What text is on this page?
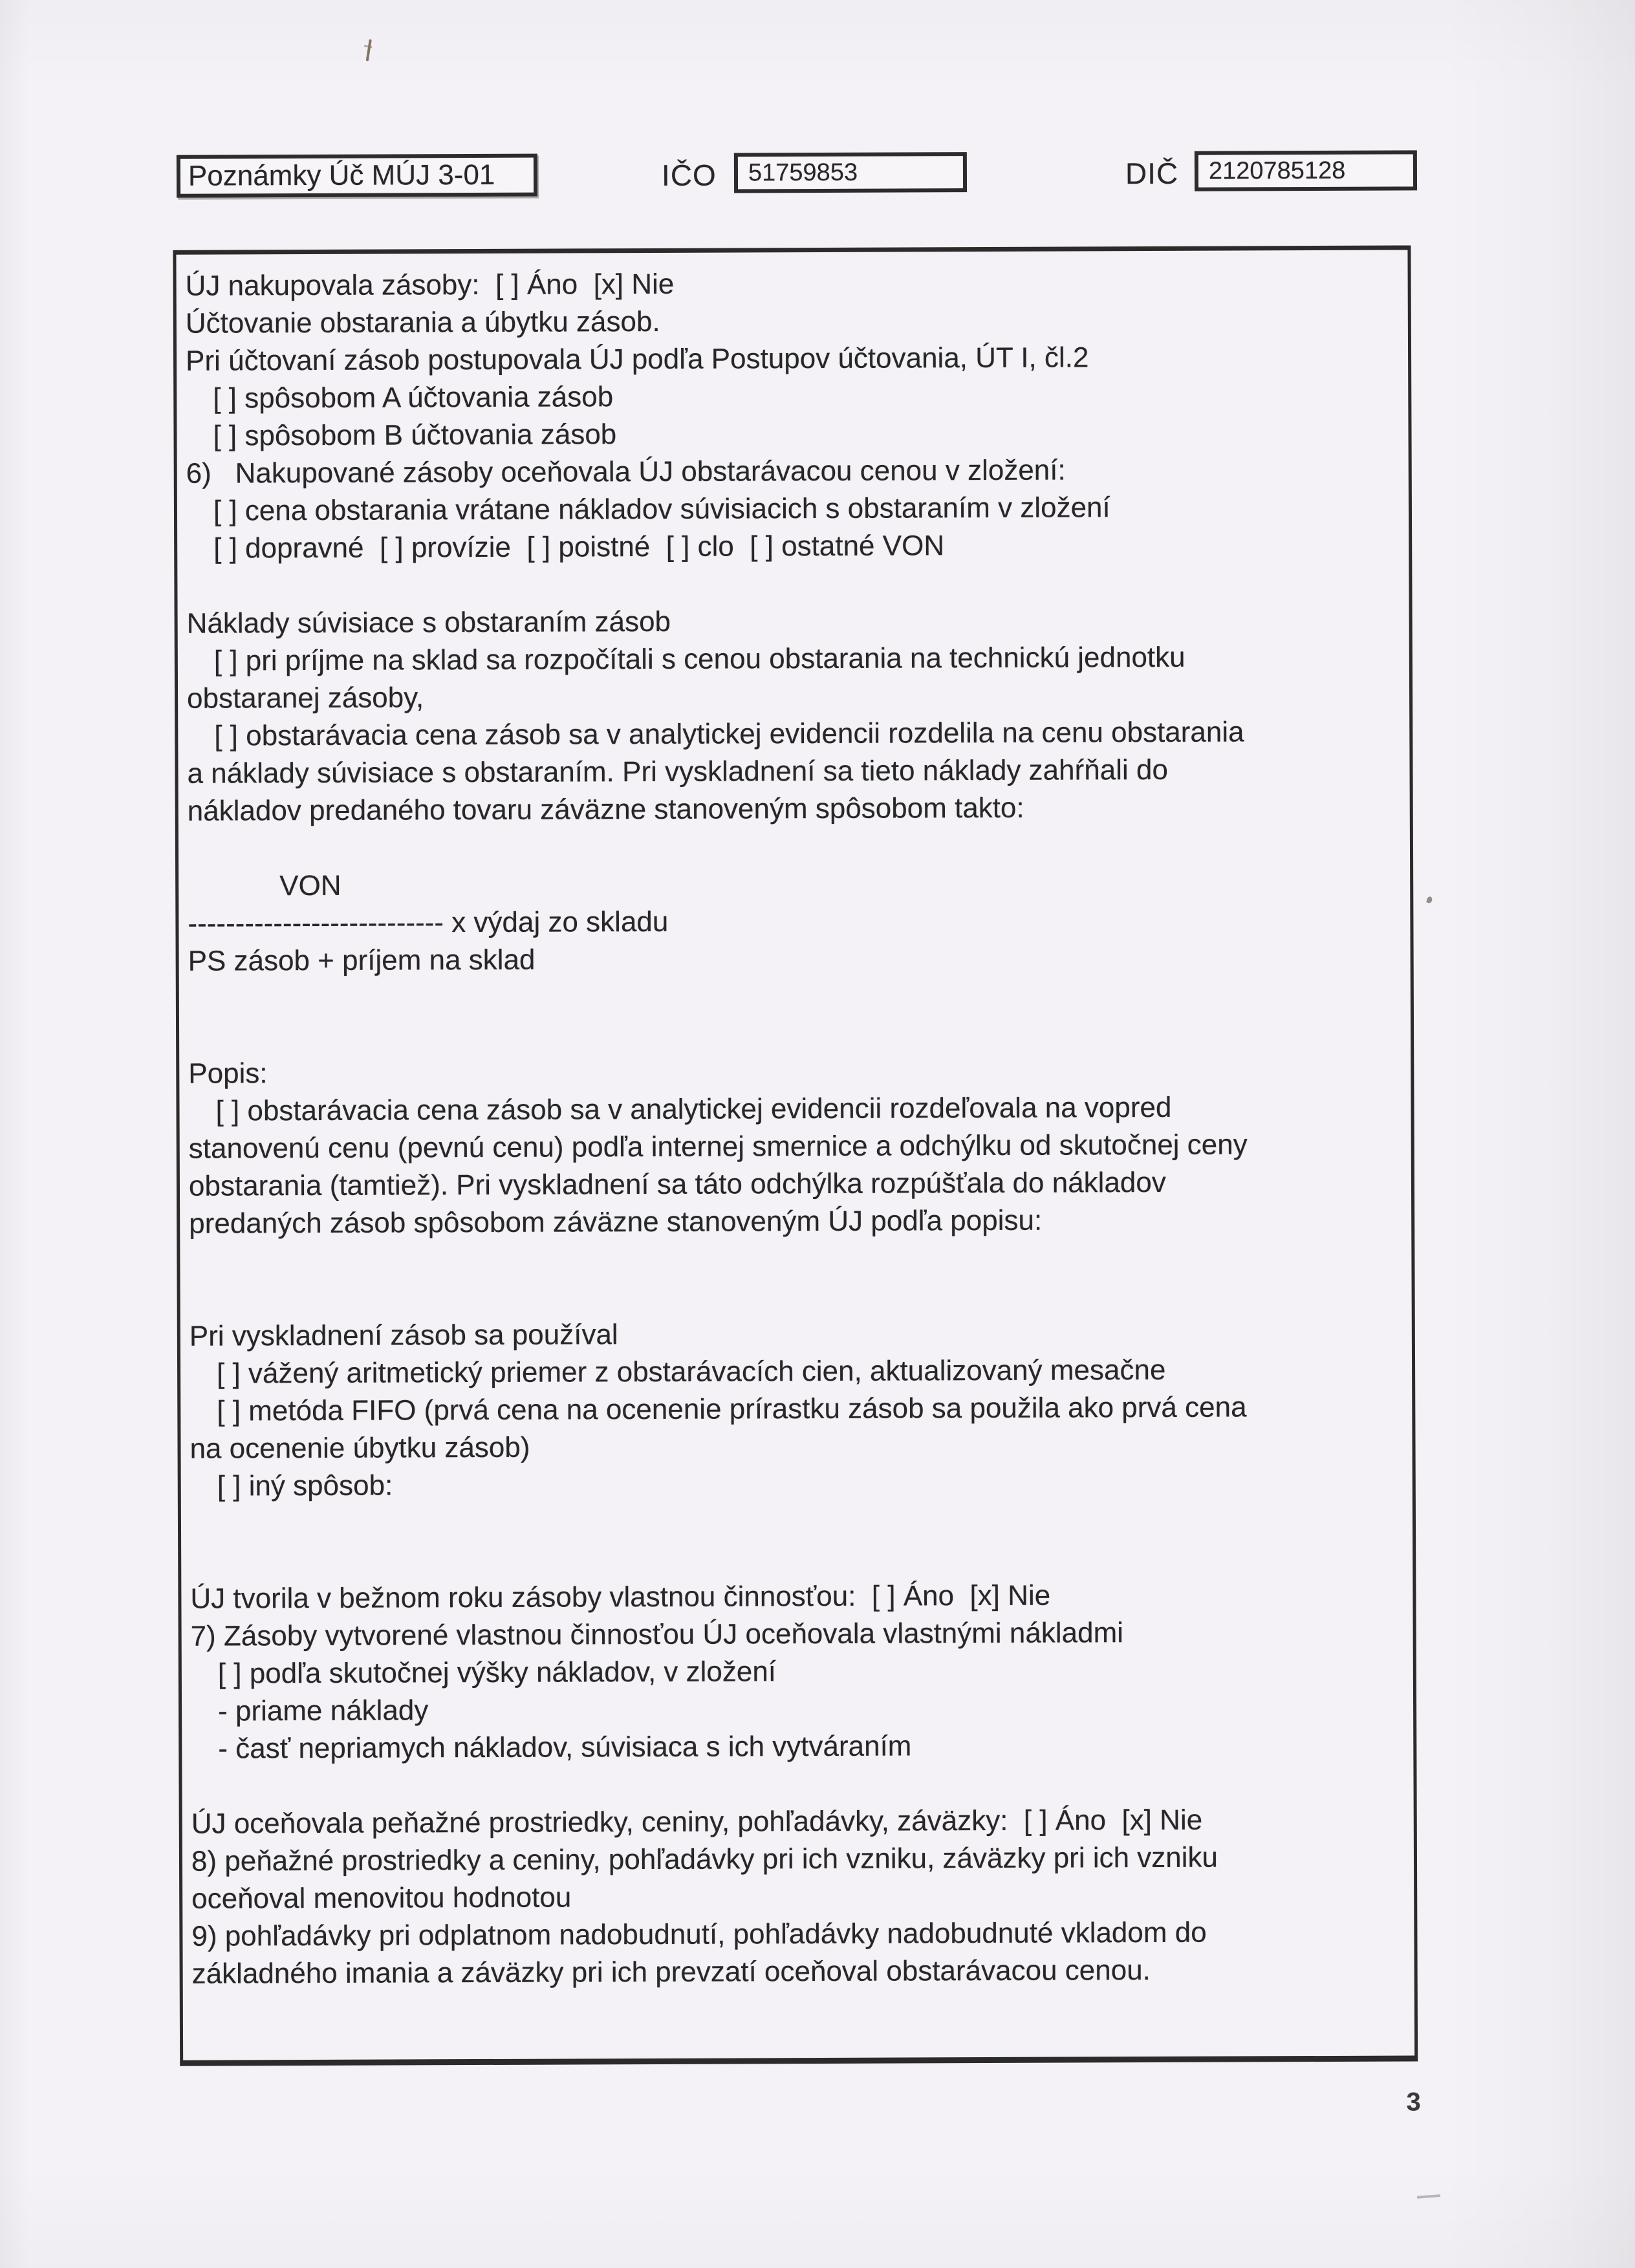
Poznámky Úč MÚJ 3-01	IČO 51759853	DIČ 2120785128
ÚJ nakupovala zásoby:  [ ] Áno  [x] Nie
Účtovanie obstarania a úbytku zásob.
Pri účtovaní zásob postupovala ÚJ podľa Postupov účtovania, ÚT I, čl.2
[ ] spôsobom A účtovania zásob
[ ] spôsobom B účtovania zásob
6)   Nakupované zásoby oceňovala ÚJ obstarávacou cenou v zložení:
[ ] cena obstarania vrátane nákladov súvisiacich s obstaraním v zložení
[ ] dopravné  [ ] provízie  [ ] poistné  [ ] clo  [ ] ostatné VON
Náklady súvisiace s obstaraním zásob
[ ] pri príjme na sklad sa rozpočítali s cenou obstarania na technickú jednotku
obstaranej zásoby,
[ ] obstarávacia cena zásob sa v analytickej evidencii rozdelila na cenu obstarania
a náklady súvisiace s obstaraním. Pri vyskladnení sa tieto náklady zahŕňali do
nákladov predaného tovaru záväzne stanoveným spôsobom takto:
VON
--------------------------- x výdaj zo skladu
PS zásob + príjem na sklad
Popis:
[ ] obstarávacia cena zásob sa v analytickej evidencii rozdeľovala na vopred
stanovenú cenu (pevnú cenu) podľa internej smernice a odchýlku od skutočnej ceny
obstarania (tamtiež). Pri vyskladnení sa táto odchýlka rozpúšťala do nákladov
predaných zásob spôsobom záväzne stanoveným ÚJ podľa popisu:
Pri vyskladnení zásob sa používal
[ ] vážený aritmetický priemer z obstarávacích cien, aktualizovaný mesačne
[ ] metóda FIFO (prvá cena na ocenenie prírastku zásob sa použila ako prvá cena
na ocenenie úbytku zásob)
[ ] iný spôsob:
ÚJ tvorila v bežnom roku zásoby vlastnou činnosťou:  [ ] Áno  [x] Nie
7) Zásoby vytvorené vlastnou činnosťou ÚJ oceňovala vlastnými nákladmi
[ ] podľa skutočnej výšky nákladov, v zložení
- priame náklady
- časť nepriamych nákladov, súvisiaca s ich vytváraním
ÚJ oceňovala peňažné prostriedky, ceniny, pohľadávky, záväzky:  [ ] Áno  [x] Nie
8) peňažné prostriedky a ceniny, pohľadávky pri ich vzniku, záväzky pri ich vzniku
oceňoval menovitou hodnotou
9) pohľadávky pri odplatnom nadobudnutí, pohľadávky nadobudnuté vkladom do
základného imania a záväzky pri ich prevzatí oceňoval obstarávacou cenou.
3
